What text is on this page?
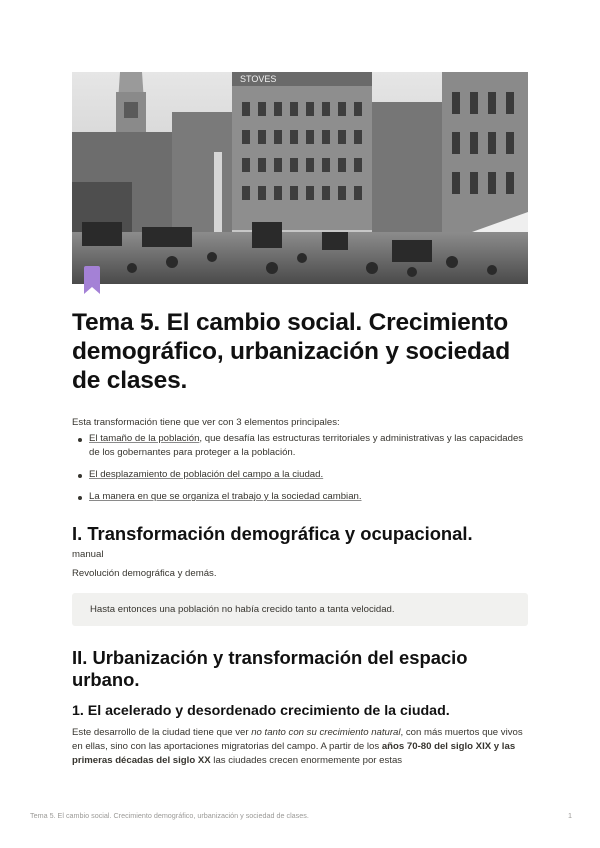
STOVES
Tema 5. El cambio social. Crecimiento demográfico, urbanización y sociedad de clases.

Esta transformación tiene que ver con 3 elementos principales:

El tamaño de la población, que desafía las estructuras territoriales y administrativas y las capacidades de los gobernantes para proteger a la población.
El desplazamiento de población del campo a la ciudad.
La manera en que se organiza el trabajo y la sociedad cambian.
I. Transformación demográfica y ocupacional.

manual

Revolución demográfica y demás.

Hasta entonces una población no había crecido tanto a tanta velocidad.
II. Urbanización y transformación del espacio urbano.
1. El acelerado y desordenado crecimiento de la ciudad.

Este desarrollo de la ciudad tiene que ver no tanto con su crecimiento natural, con más muertos que vivos en ellas, sino con las aportaciones migratorias del campo. A partir de los años 70-80 del siglo XIX y las primeras décadas del siglo XX las ciudades crecen enormemente por estas

Tema 5. El cambio social. Crecimiento demográfico, urbanización y sociedad de clases.	1
